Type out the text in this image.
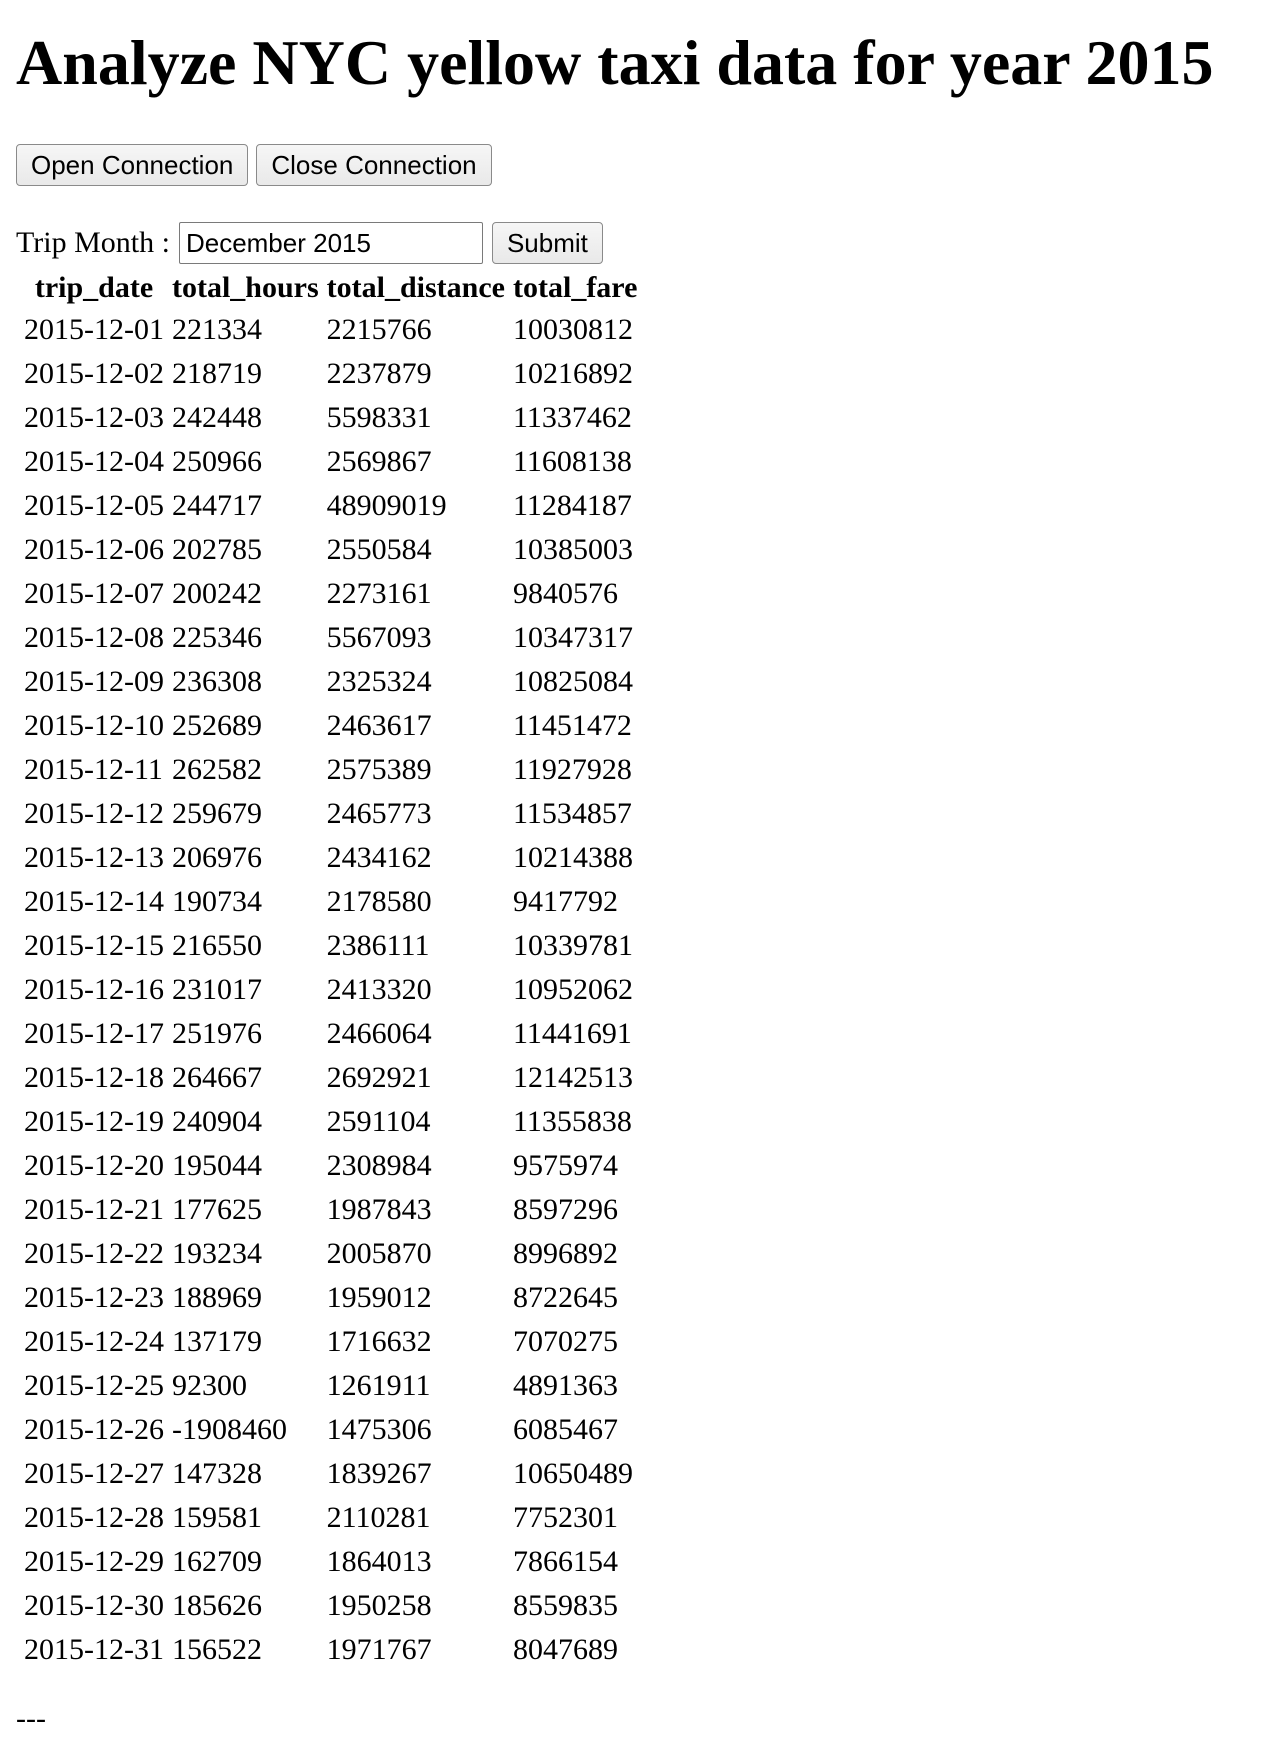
Analyze NYC yellow taxi data for year 2015
Open Connection	Close Connection
Trip Month :
December 2015	Submit
trip_date	total_hours	total_distance	total_fare
2015-12-01	221334	2215766	10030812
2015-12-02	218719	2237879	10216892
2015-12-03	242448	5598331	11337462
2015-12-04	250966	2569867	11608138
2015-12-05	244717	48909019	11284187
2015-12-06	202785	2550584	10385003
2015-12-07	200242	2273161	9840576
2015-12-08	225346	5567093	10347317
2015-12-09	236308	2325324	10825084
2015-12-10	252689	2463617	11451472
2015-12-11	262582	2575389	11927928
2015-12-12	259679	2465773	11534857
2015-12-13	206976	2434162	10214388
2015-12-14	190734	2178580	9417792
2015-12-15	216550	2386111	10339781
2015-12-16	231017	2413320	10952062
2015-12-17	251976	2466064	11441691
2015-12-18	264667	2692921	12142513
2015-12-19	240904	2591104	11355838
2015-12-20	195044	2308984	9575974
2015-12-21	177625	1987843	8597296
2015-12-22	193234	2005870	8996892
2015-12-23	188969	1959012	8722645
2015-12-24	137179	1716632	7070275
2015-12-25	92300	1261911	4891363
2015-12-26	-1908460	1475306	6085467
2015-12-27	147328	1839267	10650489
2015-12-28	159581	2110281	7752301
2015-12-29	162709	1864013	7866154
2015-12-30	185626	1950258	8559835
2015-12-31	156522	1971767	8047689
---
